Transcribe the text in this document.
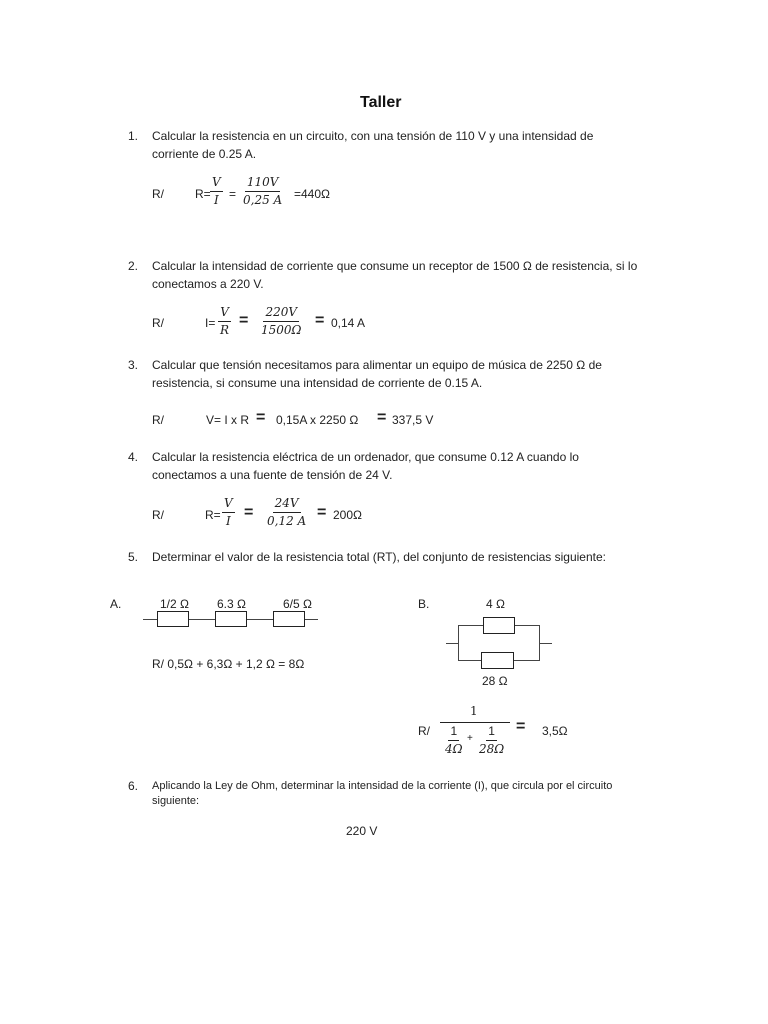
Taller
1. Calcular la resistencia en un circuito, con una tensión de 110 V y una intensidad de
corriente de 0.25 A.
R/	$R= \frac{V}{I} = \frac{110V}{0,25 A} =440\Omega$
2. Calcular la intensidad de corriente que consume un receptor de 1500 Ω de resistencia, si lo
conectamos a 220 V.
R/	$I= \frac{V}{R} = \frac{220V}{1500\Omega} = 0,14$ A
3. Calcular que tensión necesitamos para alimentar un equipo de música de 2250 Ω de
resistencia, si consume una intensidad de corriente de 0.15 A.
R/	V= I x R = 0,15A x 2250 Ω = 337,5 V
4. Calcular la resistencia eléctrica de un ordenador, que consume 0.12 A cuando lo
conectamos a una fuente de tensión de 24 V.
R/	$R= \frac{V}{I} = \frac{24V}{0,12 A} = 200\Omega$
5. Determinar el valor de la resistencia total (RT), del conjunto de resistencias siguiente:
A.	1/2 Ω 6.3 Ω	6/5 Ω
R/ 0,5Ω + 6,3Ω + 1,2 Ω = 8Ω
B.	4 Ω
28 Ω
R/
1
$\frac{1}{4\Omega} + \frac{1}{28\Omega} = 3,5\Omega$
6. Aplicando la Ley de Ohm, determinar la intensidad de la corriente (I), que circula por el circuito
siguiente:
220 V
